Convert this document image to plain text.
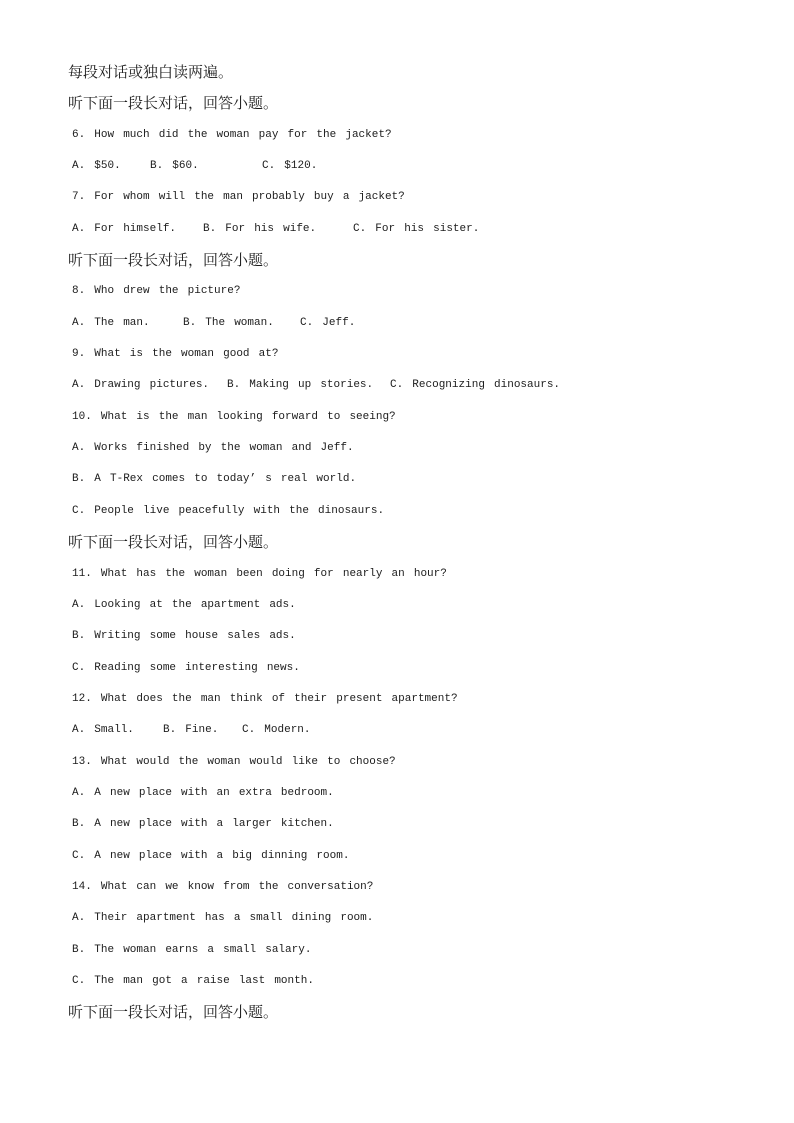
每段对话或独白读两遍。

听下面一段长对话，回答小题。

6. How much did the woman pay for the jacket?

A. $50.	B. $60.	C. $120.

7. For whom will the man probably buy a jacket?

A. For himself. B. For his wife.	C. For his sister.

听下面一段长对话，回答小题。

8. Who drew the picture?

A. The man.	B. The woman. C. Jeff.

9. What is the woman good at?

A. Drawing pictures. B. Making up stories. C. Recognizing dinosaurs.

10. What is the man looking forward to seeing?

A. Works finished by the woman and Jeff.

B. A T-Rex comes to today’ s real world.

C. People live peacefully with the dinosaurs.

听下面一段长对话，回答小题。

11. What has the woman been doing for nearly an hour?

A. Looking at the apartment ads.

B. Writing some house sales ads.

C. Reading some interesting news.

12. What does the man think of their present apartment?

A. Small.	B. Fine. C. Modern.

13. What would the woman would like to choose?

A. A new place with an extra bedroom.

B. A new place with a larger kitchen.

C. A new place with a big dinning room.

14. What can we know from the conversation?

A. Their apartment has a small dining room.

B. The woman earns a small salary.

C. The man got a raise last month.

听下面一段长对话，回答小题。
